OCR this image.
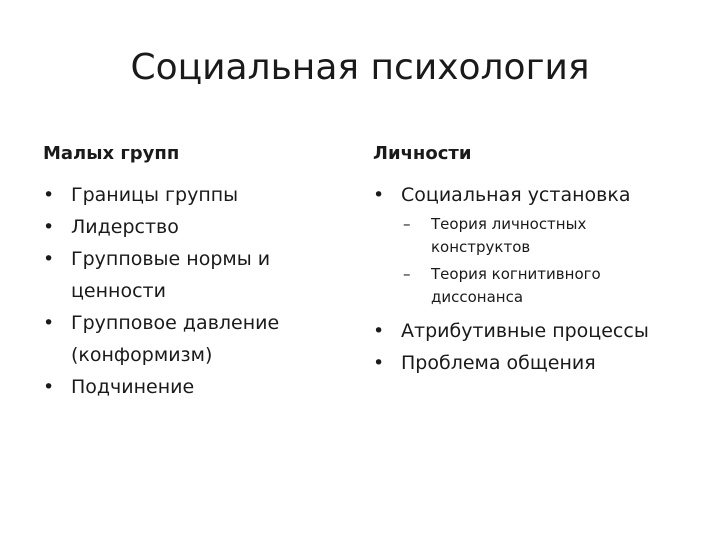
Социальная психология
Малых групп
• Границы группы
• Лидерство
• Групповые нормы и ценности
• Групповое давление (конформизм)
• Подчинение
Личности
• Социальная установка
– Теория личностных конструктов
– Теория когнитивного диссонанса
• Атрибутивные процессы
• Проблема общения
